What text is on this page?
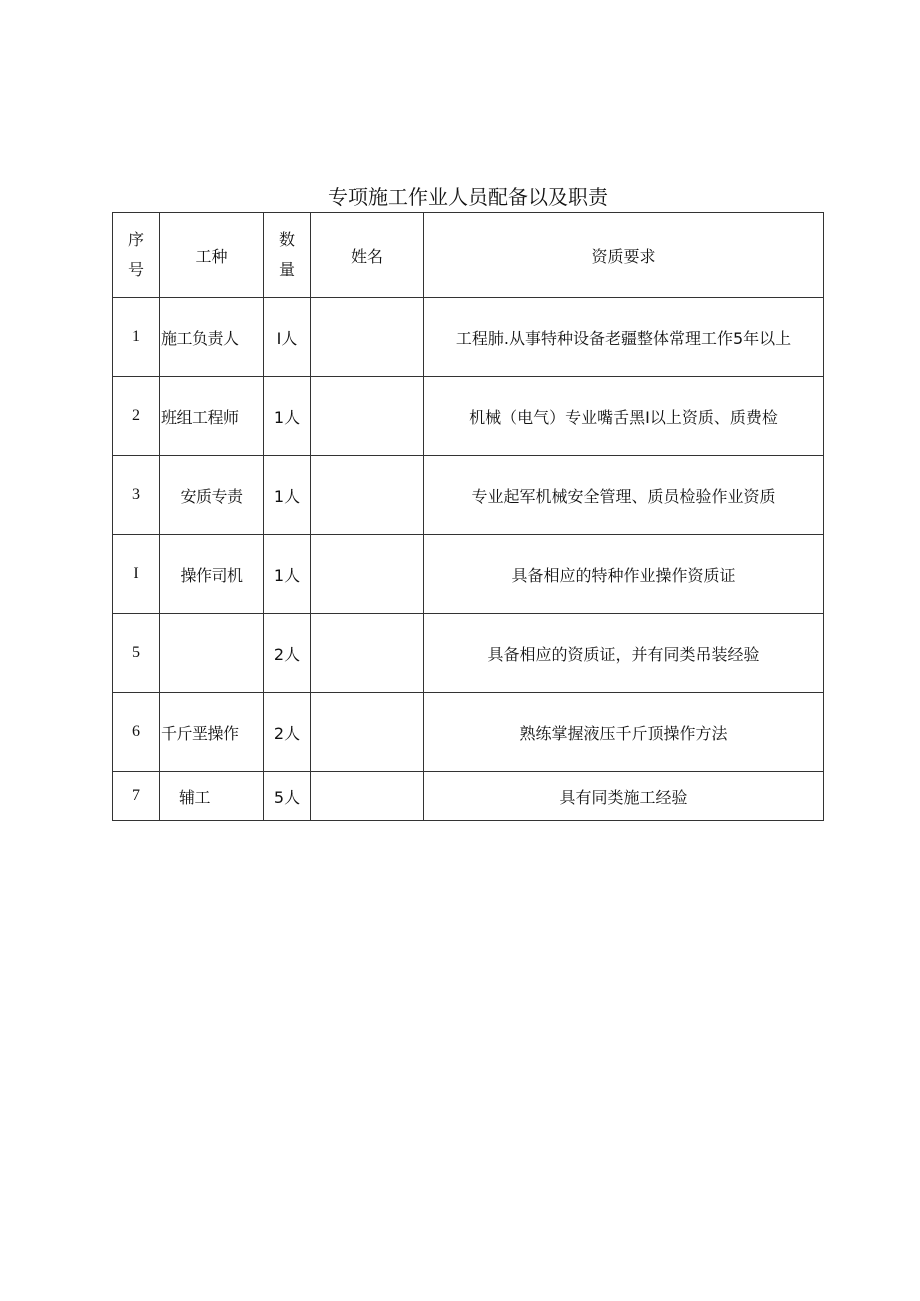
专项施工作业人员配备以及职责
序号	工种	数量	姓名	资质要求
1	施工负责人	I人		工程肺.从事特种设备老疆整体常理工作5年以上
2	班组工程师	1人		机械（电气）专业嘴舌黑I以上资质、质费检
3	安质专责	1人		专业起军机械安全管理、质员检验作业资质
I	操作司机	1人		具备相应的特种作业操作资质证
5		2人		具备相应的资质证，并有同类吊装经验
6	千斤垩操作	2人		熟练掌握液压千斤顶操作方法
7	辅工	5人		具有同类施工经验
